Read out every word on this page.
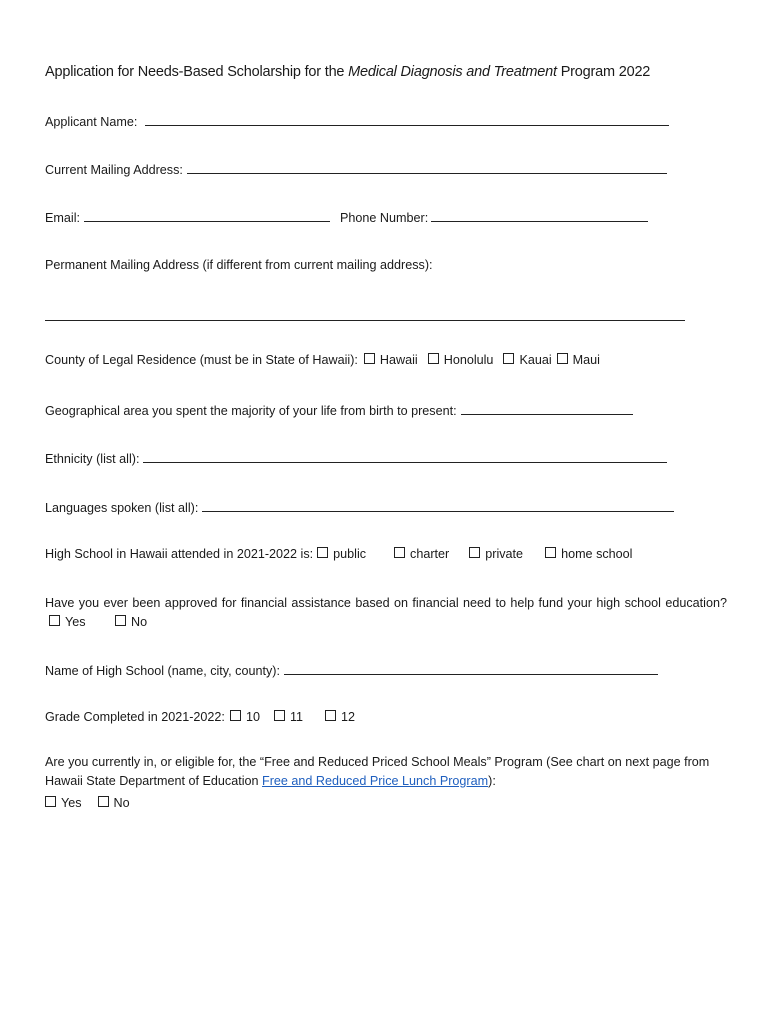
Application for Needs-Based Scholarship for the Medical Diagnosis and Treatment Program 2022
Applicant Name:
Current Mailing Address:
Email:	Phone Number:
Permanent Mailing Address (if different from current mailing address):
County of Legal Residence (must be in State of Hawaii): Hawaii Honolulu Kauai Maui
Geographical area you spent the majority of your life from birth to present:
Ethnicity (list all):
Languages spoken (list all):
High School in Hawaii attended in 2021-2022 is: public	charter	private	home school
Have you ever been approved for financial assistance based on financial need to help fund your high school education?
Yes
	No
Name of High School (name, city, county):
Grade Completed in 2021-2022: 10 11	12
Are you currently in, or eligible for, the “Free and Reduced Priced School Meals” Program (See chart on next page from Hawaii State Department of Education Free and Reduced Price Lunch Program):
Yes	No
